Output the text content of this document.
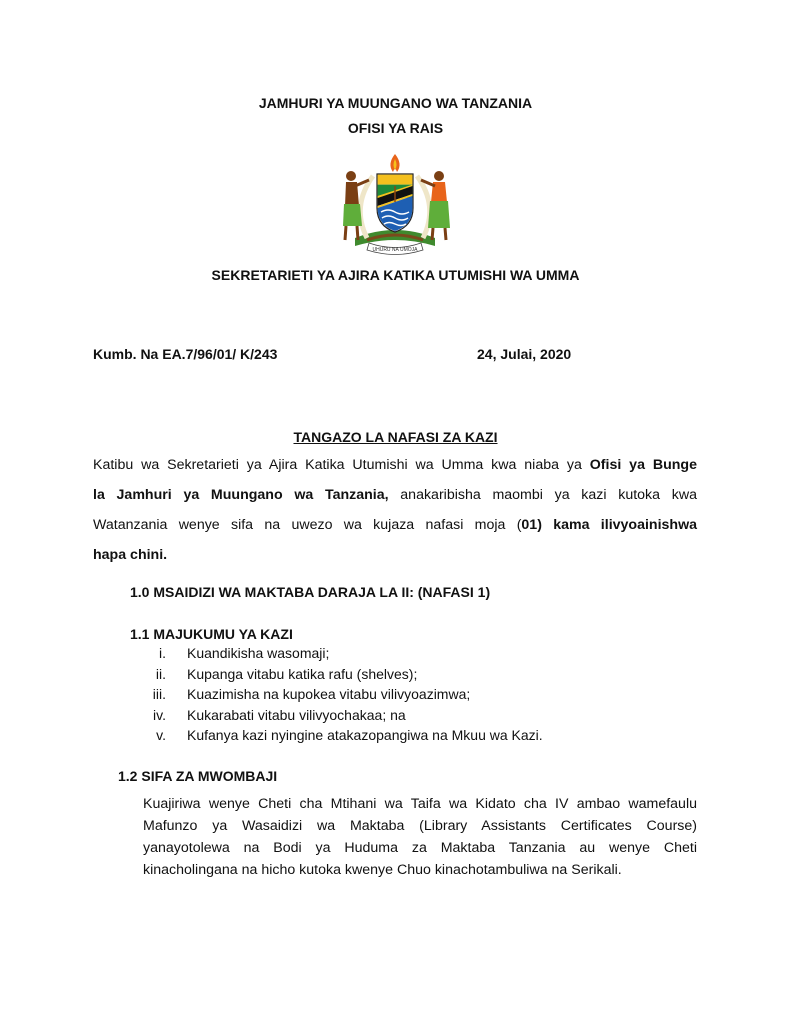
JAMHURI YA MUUNGANO WA TANZANIA
OFISI YA RAIS
UHURU NA UMOJA
SEKRETARIETI YA AJIRA KATIKA UTUMISHI WA UMMA
Kumb. Na EA.7/96/01/ K/243	24, Julai, 2020
TANGAZO LA NAFASI ZA KAZI
Katibu wa Sekretarieti ya Ajira Katika Utumishi wa Umma kwa niaba ya Ofisi ya Bunge
la Jamhuri ya Muungano wa Tanzania, anakaribisha maombi ya kazi kutoka kwa
Watanzania wenye sifa na uwezo wa kujaza nafasi moja (01) kama ilivyoainishwa
hapa chini.
1.0 MSAIDIZI WA MAKTABA DARAJA LA II: (NAFASI 1)
1.1 MAJUKUMU YA KAZI
i. Kuandikisha wasomaji;
ii. Kupanga vitabu katika rafu (shelves);
iii. Kuazimisha na kupokea vitabu vilivyoazimwa;
iv. Kukarabati vitabu vilivyochakaa; na
v. Kufanya kazi nyingine atakazopangiwa na Mkuu wa Kazi.
1.2 SIFA ZA MWOMBAJI
Kuajiriwa wenye Cheti cha Mtihani wa Taifa wa Kidato cha IV ambao wamefaulu
Mafunzo ya Wasaidizi wa Maktaba (Library Assistants Certificates Course)
yanayotolewa na Bodi ya Huduma za Maktaba Tanzania au wenye Cheti
kinacholingana na hicho kutoka kwenye Chuo kinachotambuliwa na Serikali.
